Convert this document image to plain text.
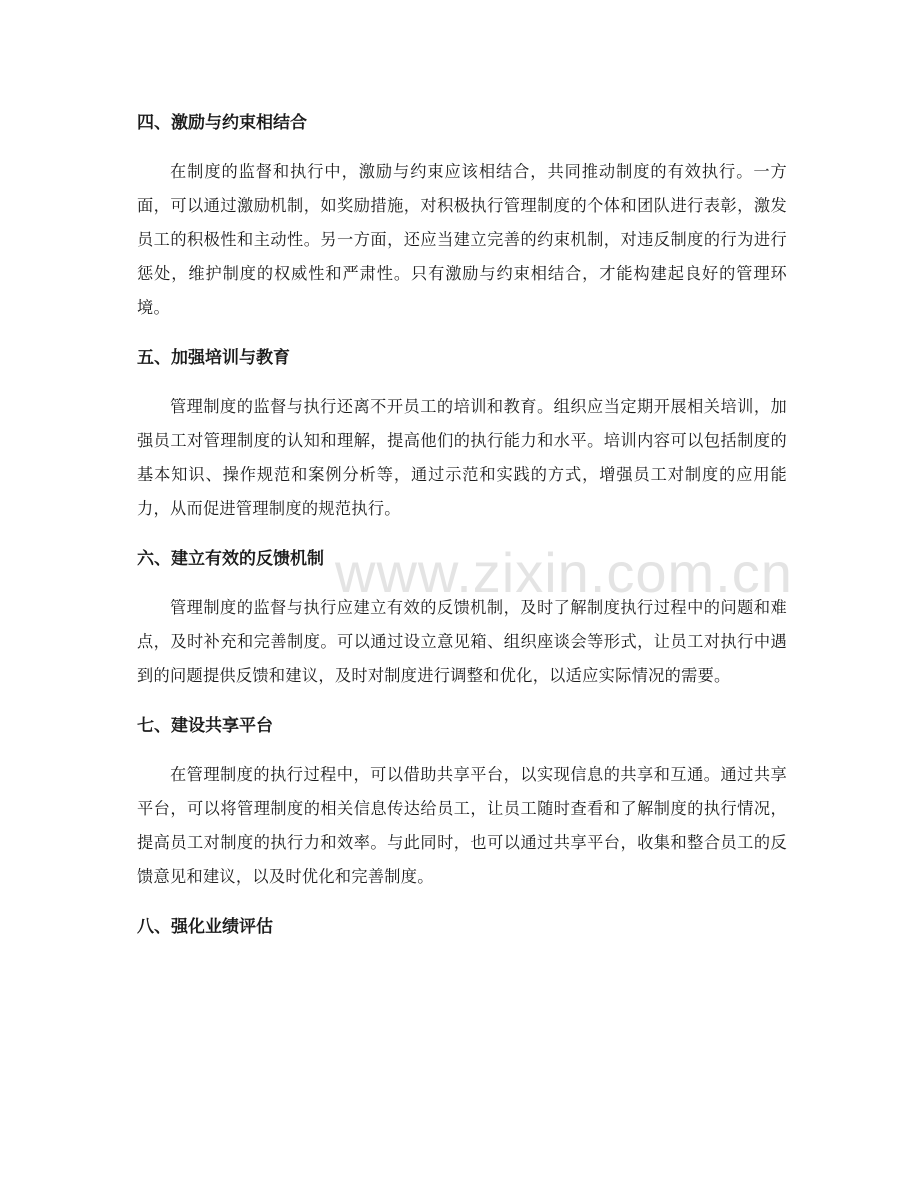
www.zixin.com.cn
四、激励与约束相结合

在制度的监督和执行中，激励与约束应该相结合，共同推动制度的有效执行。一方面，可以通过激励机制，如奖励措施，对积极执行管理制度的个体和团队进行表彰，激发员工的积极性和主动性。另一方面，还应当建立完善的约束机制，对违反制度的行为进行惩处，维护制度的权威性和严肃性。只有激励与约束相结合，才能构建起良好的管理环境。

五、加强培训与教育

管理制度的监督与执行还离不开员工的培训和教育。组织应当定期开展相关培训，加强员工对管理制度的认知和理解，提高他们的执行能力和水平。培训内容可以包括制度的基本知识、操作规范和案例分析等，通过示范和实践的方式，增强员工对制度的应用能力，从而促进管理制度的规范执行。

六、建立有效的反馈机制

管理制度的监督与执行应建立有效的反馈机制，及时了解制度执行过程中的问题和难点，及时补充和完善制度。可以通过设立意见箱、组织座谈会等形式，让员工对执行中遇到的问题提供反馈和建议，及时对制度进行调整和优化，以适应实际情况的需要。

七、建设共享平台

在管理制度的执行过程中，可以借助共享平台，以实现信息的共享和互通。通过共享平台，可以将管理制度的相关信息传达给员工，让员工随时查看和了解制度的执行情况，提高员工对制度的执行力和效率。与此同时，也可以通过共享平台，收集和整合员工的反馈意见和建议，以及时优化和完善制度。

八、强化业绩评估
